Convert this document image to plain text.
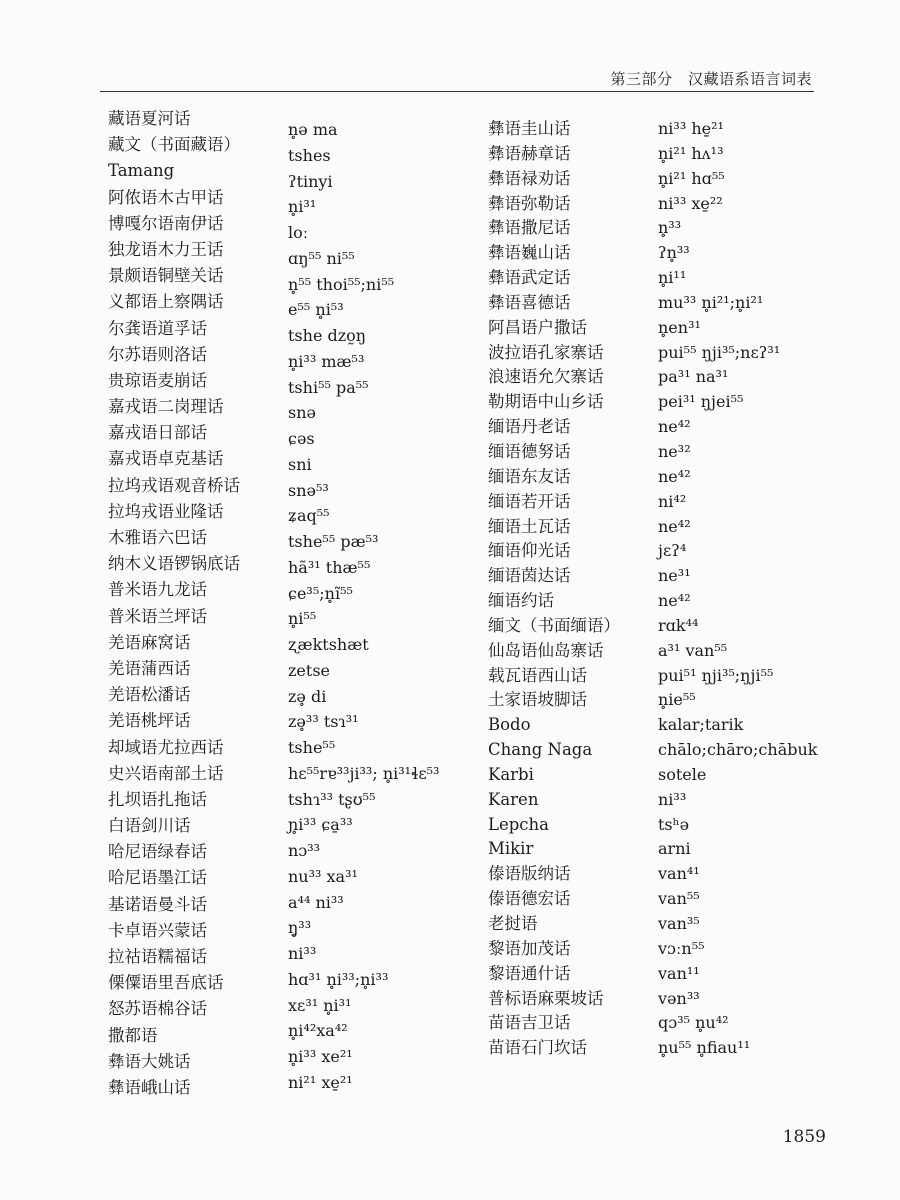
第三部分　汉藏语系语言词表
藏语夏河话
藏文（书面藏语）
Tamang
阿侬语木古甲话
博嘎尔语南伊话
独龙语木力王话
景颇语铜壁关话
义都语上察隅话
尔龚语道孚话
尔苏语则洛话
贵琼语麦崩话
嘉戎语二岗理话
嘉戎语日部话
嘉戎语卓克基话
拉坞戎语观音桥话
拉坞戎语业隆话
木雅语六巴话
纳木义语锣锅底话
普米语九龙话
普米语兰坪话
羌语麻窝话
羌语蒲西话
羌语松潘话
羌语桃坪话
却域语尤拉西话
史兴语南部土话
扎坝语扎拖话
白语剑川话
哈尼语绿春话
哈尼语墨江话
基诺语曼斗话
卡卓语兴蒙话
拉祜语糯福话
傈僳语里吾底话
怒苏语棉谷话
撒都语
彝语大姚话
彝语峨山话
n̥ə ma
tshes
ʔtinyi
n̥i³¹
loː
ɑŋ⁵⁵ ni⁵⁵
n̥⁵⁵ thoi⁵⁵;ni⁵⁵
e⁵⁵ n̥i⁵³
tshe dzo̰ŋ
n̥i³³ mæ⁵³
tshi⁵⁵ pa⁵⁵
snə
ɕəs
sni
snə⁵³
ʑaq⁵⁵
tshe⁵⁵ pæ⁵³
hã³¹ thæ⁵⁵
ɕe³⁵;n̥ĩ⁵⁵
n̥i⁵⁵
ʐæktshæt
zetse
zə̥ di
zə̥³³ tsɿ³¹
tshe⁵⁵
hɛ⁵⁵rɐ³³ji³³; n̥i³¹ɬɛ⁵³
tshɿ³³ tʂʊ⁵⁵
ɲ̥i³³ ɕa̱³³
nɔ³³
nu³³ xa³¹
a⁴⁴ ni³³
ŋ̥³³
ni³³
hɑ³¹ n̥i³³;n̥i³³
xɛ³¹ n̥i³¹
n̥i⁴²xa⁴²
n̥i³³ xe²¹
ni²¹ xe̱²¹
彝语圭山话
彝语赫章话
彝语禄劝话
彝语弥勒话
彝语撒尼话
彝语巍山话
彝语武定话
彝语喜德话
阿昌语户撒话
波拉语孔家寨话
浪速语允欠寨话
勒期语中山乡话
缅语丹老话
缅语德努话
缅语东友话
缅语若开话
缅语土瓦话
缅语仰光话
缅语茵达话
缅语约话
缅文（书面缅语）
仙岛语仙岛寨话
载瓦语西山话
土家语坡脚话
Bodo
Chang Naga
Karbi
Karen
Lepcha
Mikir
傣语版纳话
傣语德宏话
老挝语
黎语加茂话
黎语通什话
普标语麻栗坡话
苗语吉卫话
苗语石门坎话
ni³³ he̱²¹
n̥i²¹ hʌ¹³
n̥i²¹ hɑ⁵⁵
ni³³ xe̱²²
n̥³³
ʔn̥³³
n̥i¹¹
mu³³ n̥i²¹;n̥i²¹
n̥en³¹
pui⁵⁵ ŋji³⁵;nɛʔ³¹
pa³¹ na³¹
pei³¹ ŋjei⁵⁵
ne⁴²
ne³²
ne⁴²
ni⁴²
ne⁴²
jɛʔ⁴
ne³¹
ne⁴²
rɑk⁴⁴
a³¹ van⁵⁵
pui⁵¹ ŋji³⁵;ŋji⁵⁵
n̥ie⁵⁵
kalar;tarik
chālo;chāro;chābuk
sotele
ni³³
tsʰə
arni
van⁴¹
van⁵⁵
van³⁵
vɔːn⁵⁵
van¹¹
vən³³
qɔ³⁵ n̥u⁴²
n̥u⁵⁵ n̥fiau¹¹
1859
